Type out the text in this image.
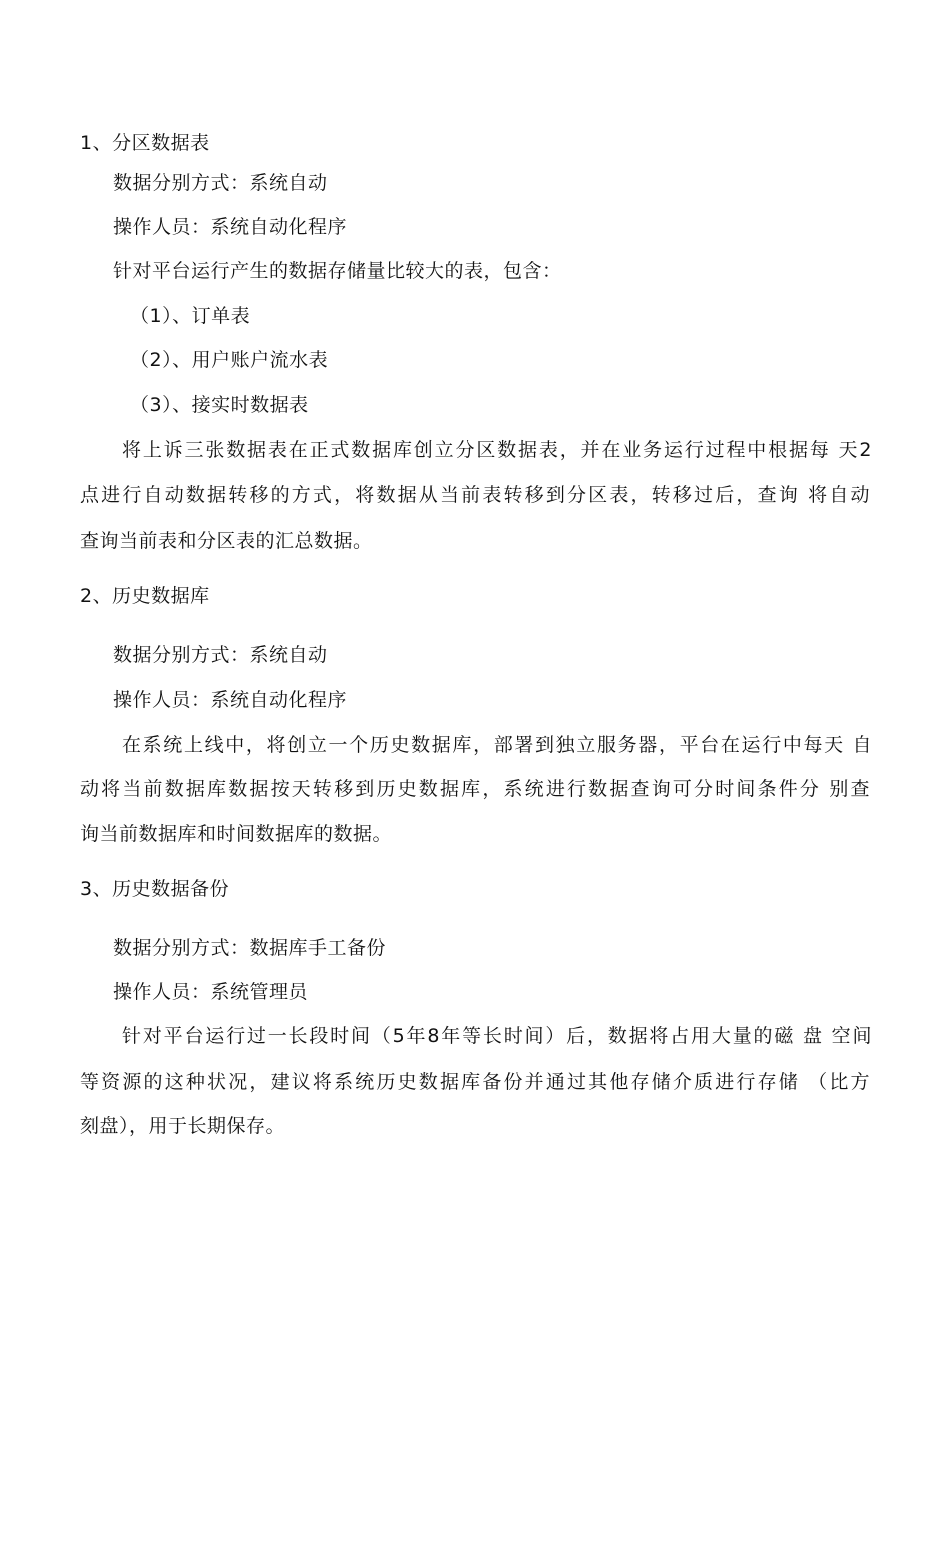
1、分区数据表
数据分别方式：系统自动
操作人员：系统自动化程序
针对平台运行产生的数据存储量比较大的表，包含：
（1）、订单表
（2）、用户账户流水表
（3）、接实时数据表
将上诉三张数据表在正式数据库创立分区数据表，并在业务运行过程中根据每 天2
点进行自动数据转移的方式，将数据从当前表转移到分区表，转移过后，查询 将自动
查询当前表和分区表的汇总数据。
2、历史数据库
数据分别方式：系统自动
操作人员：系统自动化程序
在系统上线中，将创立一个历史数据库，部署到独立服务器，平台在运行中每天 自
动将当前数据库数据按天转移到历史数据库，系统进行数据查询可分时间条件分 别查
询当前数据库和时间数据库的数据。
3、历史数据备份
数据分别方式：数据库手工备份
操作人员：系统管理员
针对平台运行过一长段时间（5年8年等长时间）后，数据将占用大量的磁 盘 空间
等资源的这种状况，建议将系统历史数据库备份并通过其他存储介质进行存储 （比方
刻盘），用于长期保存。
